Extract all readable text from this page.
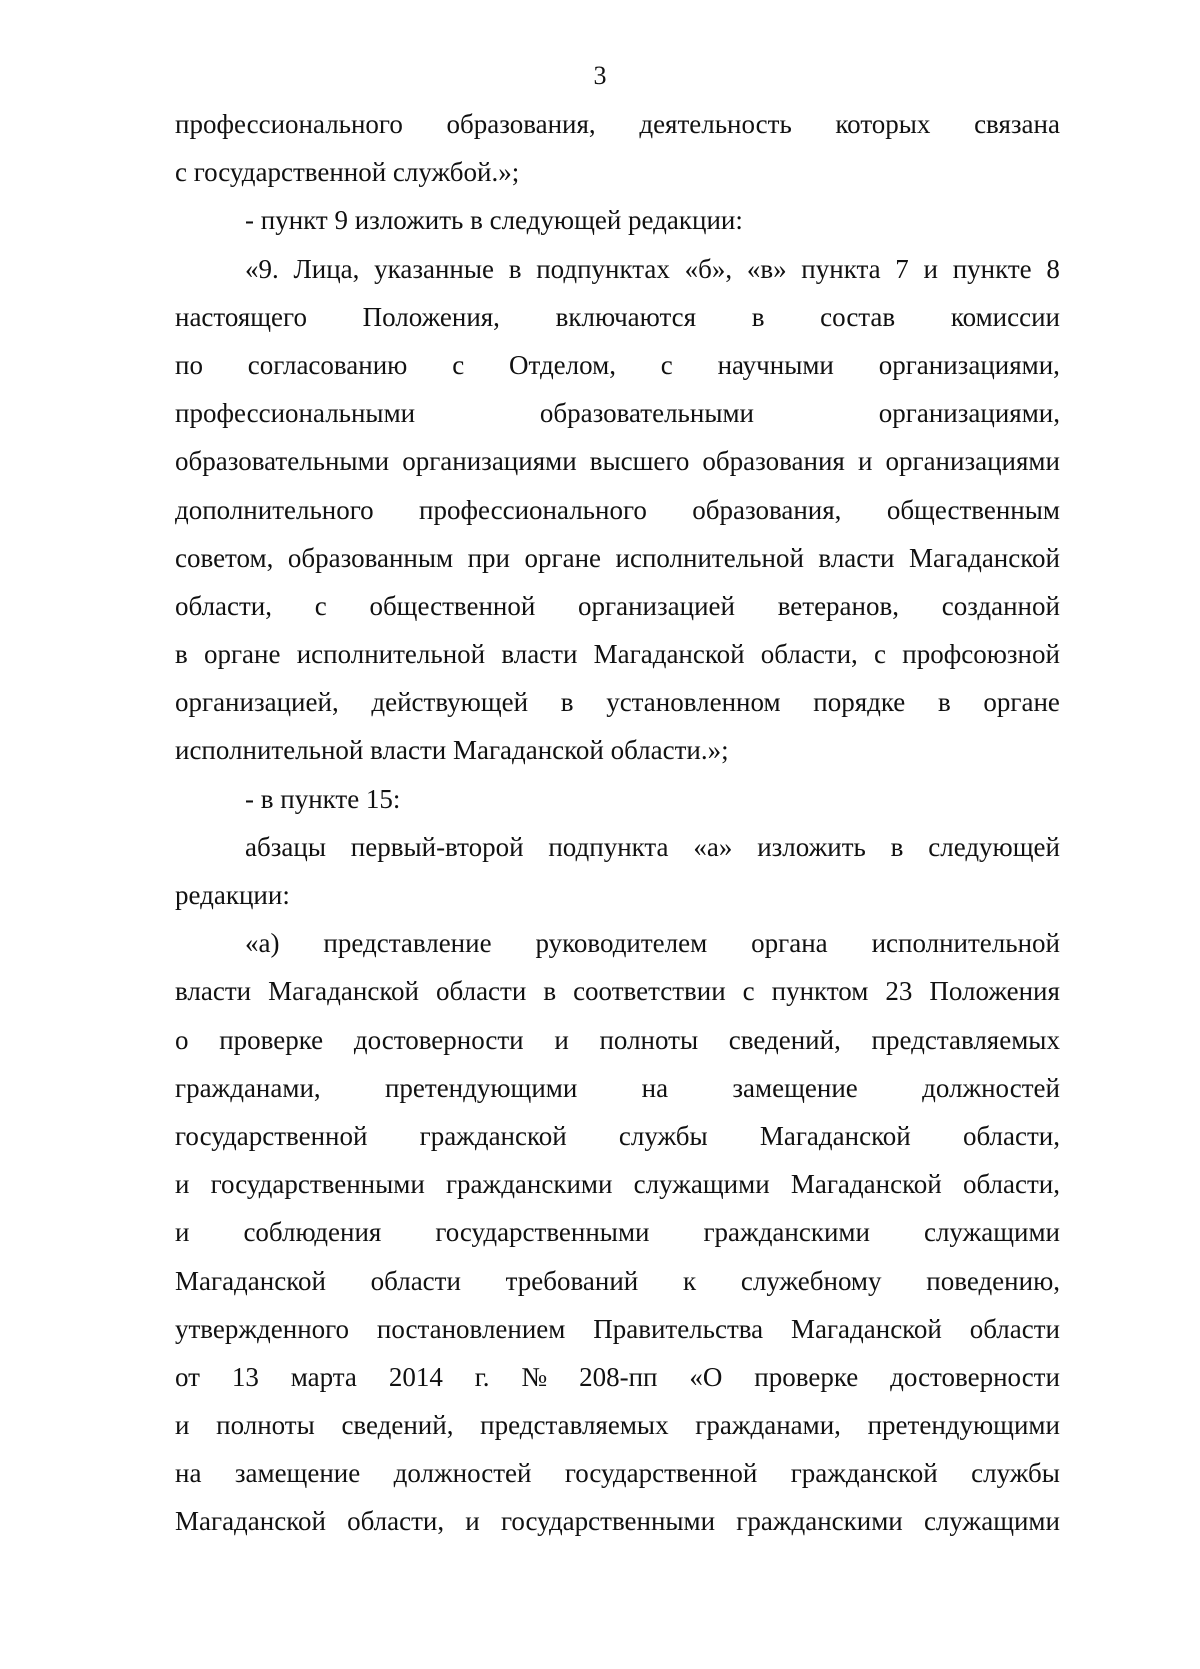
3
профессионального образования, деятельность которых связана
с государственной службой.»;
- пункт 9 изложить в следующей редакции:
«9. Лица, указанные в подпунктах «б», «в» пункта 7 и пункте 8
настоящего Положения, включаются в состав комиссии
по согласованию с Отделом, с научными организациями,
профессиональными	образовательными	организациями,
образовательными организациями высшего образования и организациями
дополнительного профессионального образования, общественным
советом, образованным при органе исполнительной власти Магаданской
области, с общественной организацией ветеранов, созданной
в органе исполнительной власти Магаданской области, с профсоюзной
организацией, действующей в установленном порядке в органе
исполнительной власти Магаданской области.»;
- в пункте 15:
абзацы первый-второй подпункта «а» изложить в следующей
редакции:
«а) представление руководителем органа исполнительной
власти Магаданской области в соответствии с пунктом 23 Положения
о проверке достоверности и полноты сведений, представляемых
гражданами, претендующими на замещение должностей
государственной гражданской службы Магаданской области,
и государственными гражданскими служащими Магаданской области,
и соблюдения государственными гражданскими служащими
Магаданской области требований к служебному поведению,
утвержденного постановлением Правительства Магаданской области
от 13 марта 2014 г. № 208-пп «О проверке достоверности
и полноты сведений, представляемых гражданами, претендующими
на замещение должностей государственной гражданской службы
Магаданской области, и государственными гражданскими служащими
